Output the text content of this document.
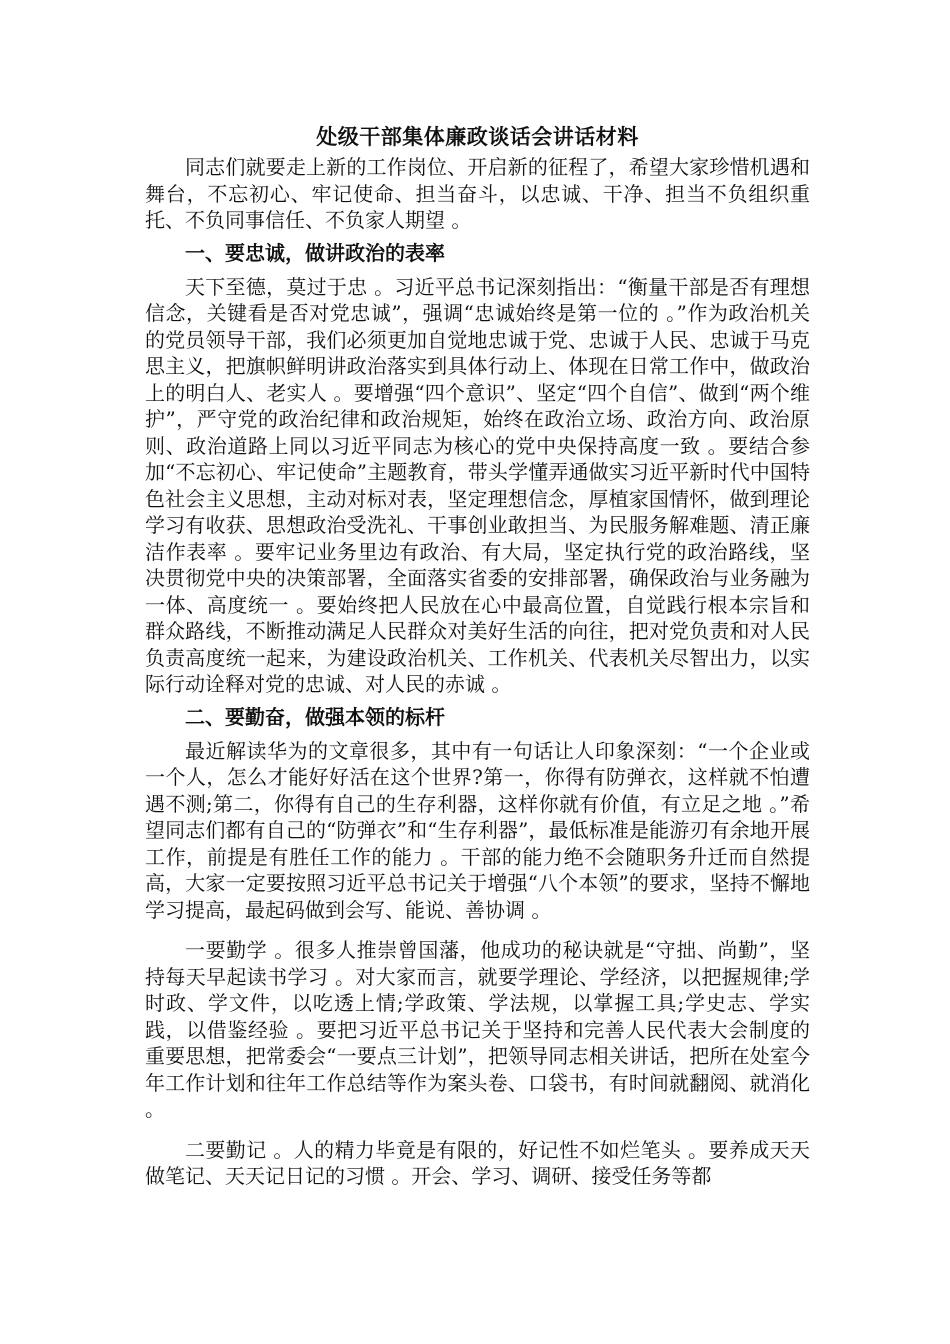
处级干部集体廉政谈话会讲话材料

同志们就要走上新的工作岗位、开启新的征程了，希望大家珍惜机遇和舞台，不忘初心、牢记使命、担当奋斗，以忠诚、干净、担当不负组织重托、不负同事信任、不负家人期望 。

一、要忠诚，做讲政治的表率

天下至德，莫过于忠 。习近平总书记深刻指出：“衡量干部是否有理想信念，关键看是否对党忠诚”，强调“忠诚始终是第一位的 。”作为政治机关的党员领导干部，我们必须更加自觉地忠诚于党、忠诚于人民、忠诚于马克思主义，把旗帜鲜明讲政治落实到具体行动上、体现在日常工作中，做政治上的明白人、老实人 。要增强“四个意识”、坚定“四个自信”、做到“两个维护”，严守党的政治纪律和政治规矩，始终在政治立场、政治方向、政治原则、政治道路上同以习近平同志为核心的党中央保持高度一致 。要结合参加“不忘初心、牢记使命”主题教育，带头学懂弄通做实习近平新时代中国特色社会主义思想，主动对标对表，坚定理想信念，厚植家国情怀，做到理论学习有收获、思想政治受洗礼、干事创业敢担当、为民服务解难题、清正廉洁作表率 。要牢记业务里边有政治、有大局，坚定执行党的政治路线，坚决贯彻党中央的决策部署，全面落实省委的安排部署，确保政治与业务融为一体、高度统一 。要始终把人民放在心中最高位置，自觉践行根本宗旨和群众路线，不断推动满足人民群众对美好生活的向往，把对党负责和对人民负责高度统一起来，为建设政治机关、工作机关、代表机关尽智出力，以实际行动诠释对党的忠诚、对人民的赤诚 。

二、要勤奋，做强本领的标杆

最近解读华为的文章很多，其中有一句话让人印象深刻：“一个企业或一个人，怎么才能好好活在这个世界?第一，你得有防弹衣，这样就不怕遭遇不测;第二，你得有自己的生存利器，这样你就有价值，有立足之地 。”希望同志们都有自己的“防弹衣”和“生存利器”，最低标准是能游刃有余地开展工作，前提是有胜任工作的能力 。干部的能力绝不会随职务升迁而自然提高，大家一定要按照习近平总书记关于增强“八个本领”的要求，坚持不懈地学习提高，最起码做到会写、能说、善协调 。

一要勤学 。很多人推崇曾国藩，他成功的秘诀就是“守拙、尚勤”，坚持每天早起读书学习 。对大家而言，就要学理论、学经济，以把握规律;学时政、学文件，以吃透上情;学政策、学法规，以掌握工具;学史志、学实践，以借鉴经验 。要把习近平总书记关于坚持和完善人民代表大会制度的重要思想，把常委会“一要点三计划”，把领导同志相关讲话，把所在处室今年工作计划和往年工作总结等作为案头卷、口袋书，有时间就翻阅、就消化 。

二要勤记 。人的精力毕竟是有限的，好记性不如烂笔头 。要养成天天做笔记、天天记日记的习惯 。开会、学习、调研、接受任务等都
